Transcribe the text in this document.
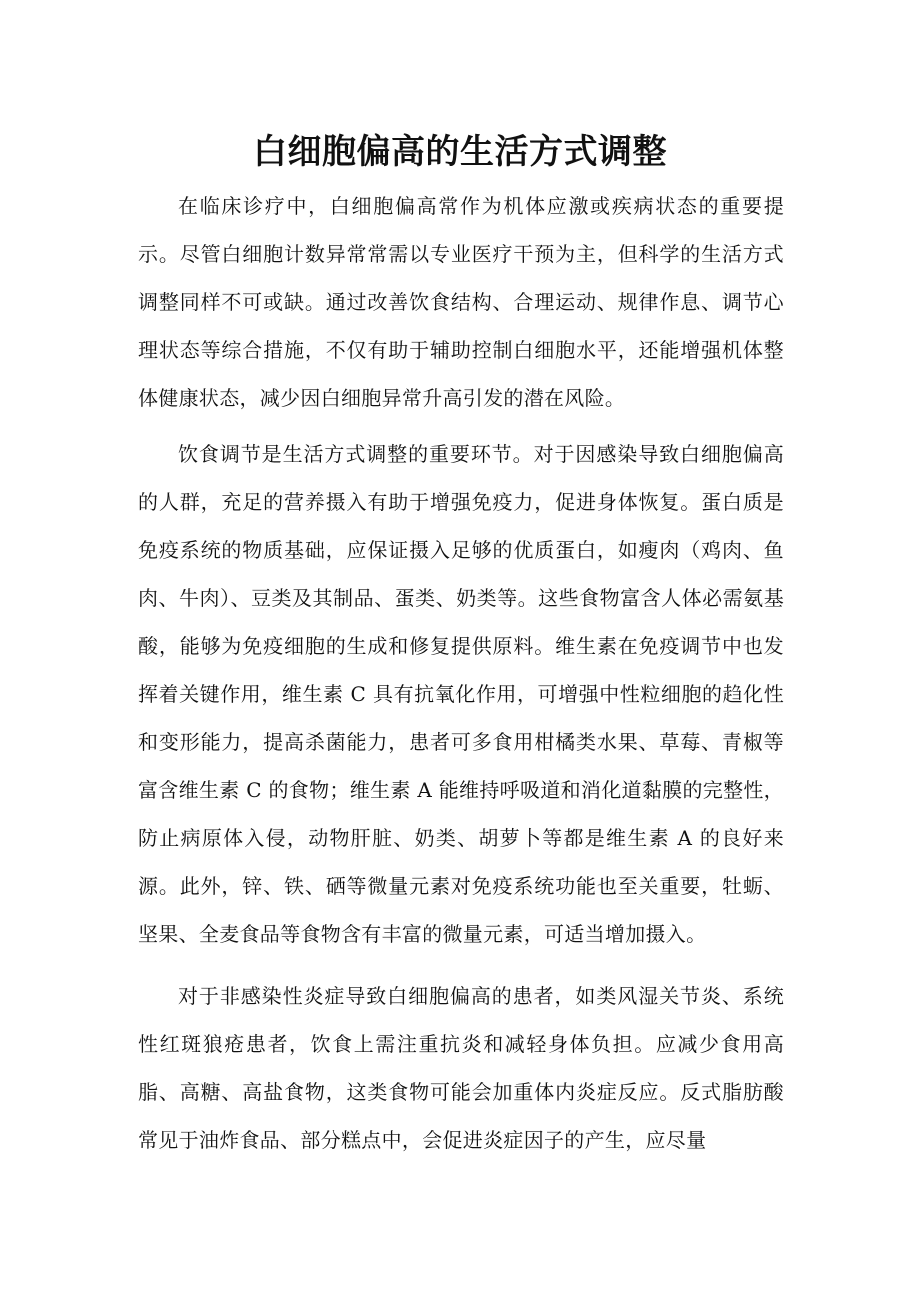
白细胞偏高的生活方式调整

在临床诊疗中，白细胞偏高常作为机体应激或疾病状态的重要提示。尽管白细胞计数异常常需以专业医疗干预为主，但科学的生活方式调整同样不可或缺。通过改善饮食结构、合理运动、规律作息、调节心理状态等综合措施，不仅有助于辅助控制白细胞水平，还能增强机体整体健康状态，减少因白细胞异常升高引发的潜在风险。

饮食调节是生活方式调整的重要环节。对于因感染导致白细胞偏高的人群，充足的营养摄入有助于增强免疫力，促进身体恢复。蛋白质是免疫系统的物质基础，应保证摄入足够的优质蛋白，如瘦肉（鸡肉、鱼肉、牛肉）、豆类及其制品、蛋类、奶类等。这些食物富含人体必需氨基酸，能够为免疫细胞的生成和修复提供原料。维生素在免疫调节中也发挥着关键作用，维生素 C 具有抗氧化作用，可增强中性粒细胞的趋化性和变形能力，提高杀菌能力，患者可多食用柑橘类水果、草莓、青椒等富含维生素 C 的食物；维生素 A 能维持呼吸道和消化道黏膜的完整性，防止病原体入侵，动物肝脏、奶类、胡萝卜等都是维生素 A 的良好来源。此外，锌、铁、硒等微量元素对免疫系统功能也至关重要，牡蛎、坚果、全麦食品等食物含有丰富的微量元素，可适当增加摄入。

对于非感染性炎症导致白细胞偏高的患者，如类风湿关节炎、系统性红斑狼疮患者，饮食上需注重抗炎和减轻身体负担。应减少食用高脂、高糖、高盐食物，这类食物可能会加重体内炎症反应。反式脂肪酸常见于油炸食品、部分糕点中，会促进炎症因子的产生，应尽量
